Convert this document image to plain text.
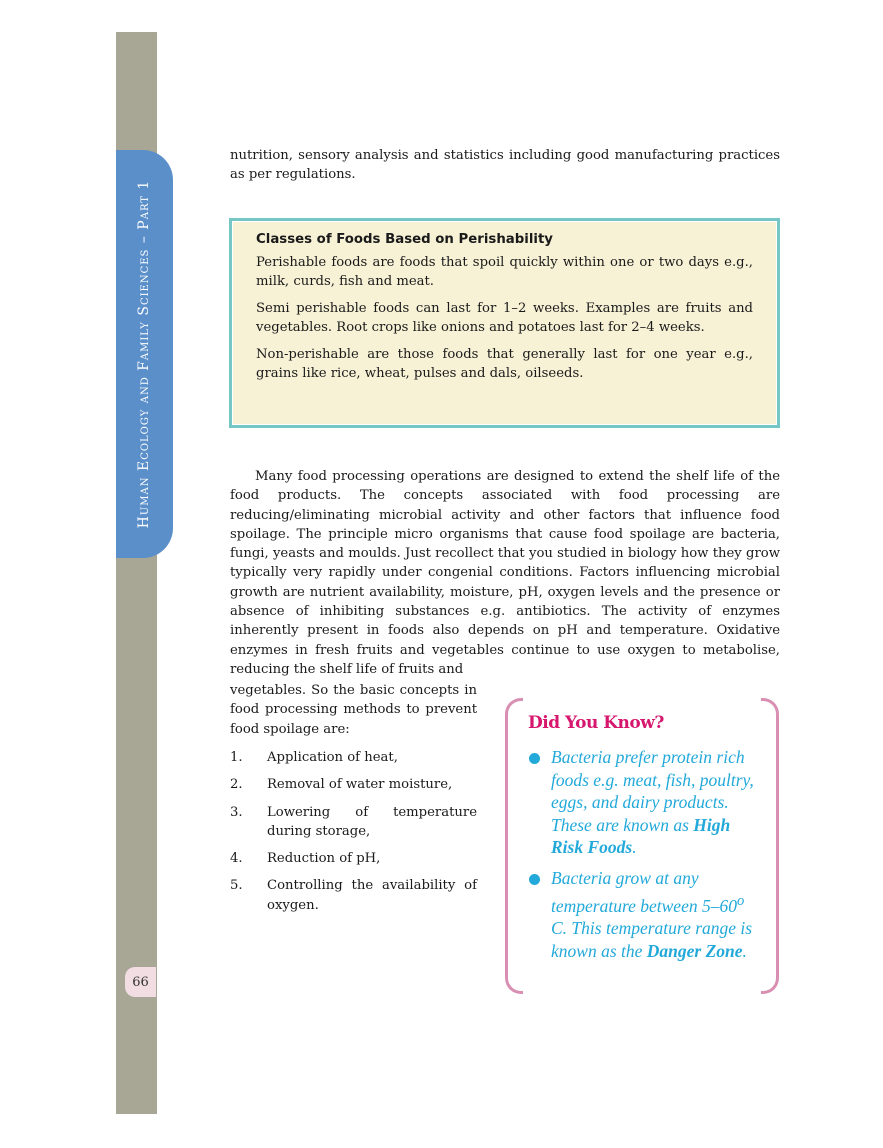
Human Ecology and Family Sciences – Part 1
66

nutrition, sensory analysis and statistics including good manufacturing practices as per regulations.

Classes of Foods Based on Perishability

Perishable foods are foods that spoil quickly within one or two days e.g., milk, curds, fish and meat.

Semi perishable foods can last for 1–2 weeks. Examples are fruits and vegetables. Root crops like onions and potatoes last for 2–4 weeks.

Non-perishable are those foods that generally last for one year e.g., grains like rice, wheat, pulses and dals, oilseeds.

Many food processing operations are designed to extend the shelf life of the food products. The concepts associated with food processing are reducing/eliminating microbial activity and other factors that influence food spoilage. The principle micro organisms that cause food spoilage are bacteria, fungi, yeasts and moulds. Just recollect that you studied in biology how they grow typically very rapidly under congenial conditions. Factors influencing microbial growth are nutrient availability, moisture, pH, oxygen levels and the presence or absence of inhibiting substances e.g. antibiotics. The activity of enzymes inherently present in foods also depends on pH and temperature. Oxidative enzymes in fresh fruits and vegetables continue to use oxygen to metabolise, reducing the shelf life of fruits and

vegetables. So the basic concepts in food processing methods to prevent food spoilage are:

1.	Application of heat,
2.	Removal of water moisture,
3.	Lowering of temperature during storage,
4.	Reduction of pH,
5.	Controlling the availability of oxygen.
Did You Know?
Bacteria prefer protein rich foods e.g. meat, fish, poultry, eggs, and dairy products. These are known as High Risk Foods.
Bacteria grow at any temperature between 5–60$^o$ C. This temperature range is known as the Danger Zone.
